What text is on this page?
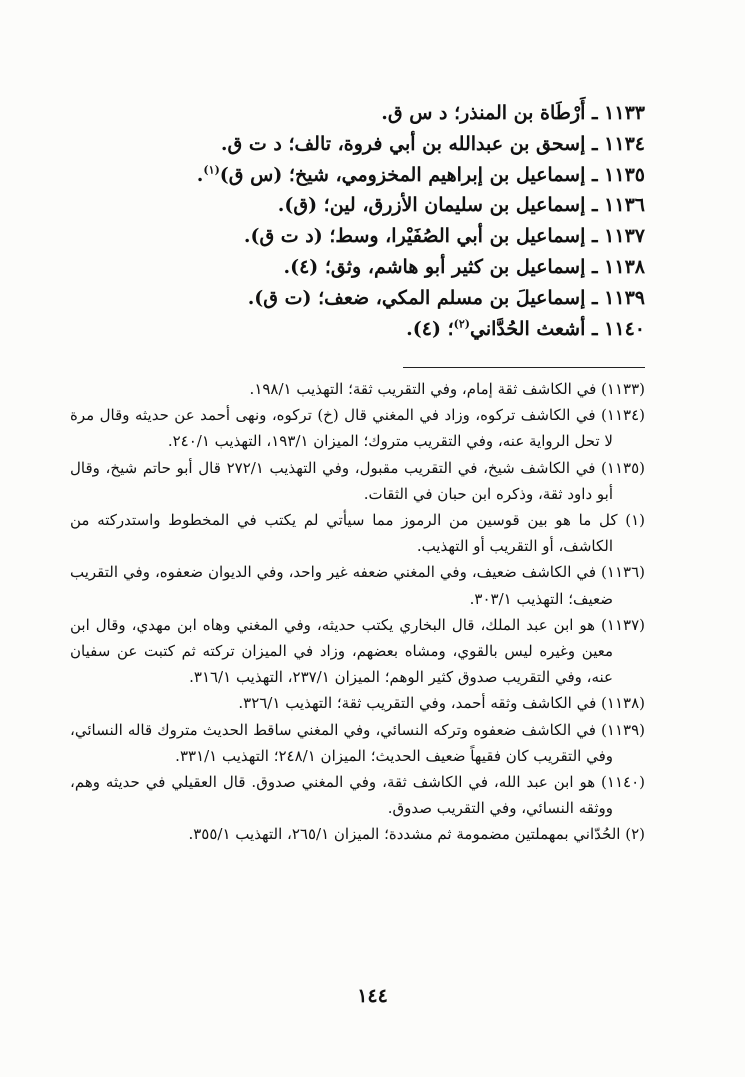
١١٣٣ ـ أَرْطَاة بن المنذر؛ د س ق.
١١٣٤ ـ إسحق بن عبدالله بن أبي فروة، تالف؛ د ت ق.
١١٣٥ ـ إسماعيل بن إبراهيم المخزومي، شيخ؛ (س ق)$^{(١)}$.
١١٣٦ ـ إسماعيل بن سليمان الأزرق، لين؛ (ق).
١١٣٧ ـ إسماعيل بن أبي الصُفَيْرا، وسط؛ (د ت ق).
١١٣٨ ـ إسماعيل بن كثير أبو هاشم، وثق؛ (٤).
١١٣٩ ـ إسماعيلَ بن مسلم المكي، ضعف؛ (ت ق).
١١٤٠ ـ أشعث الحُدَّاني$^{(٢)}$؛ (٤).
(١١٣٣) في الكاشف ثقة إمام، وفي التقريب ثقة؛ التهذيب ١٩٨/١.
(١١٣٤) في الكاشف تركوه، وزاد في المغني قال (خ) تركوه، ونهى أحمد عن حديثه وقال مرة لا تحل الرواية عنه، وفي التقريب متروك؛ الميزان ١٩٣/١، التهذيب ٢٤٠/١.
(١١٣٥) في الكاشف شيخ، في التقريب مقبول، وفي التهذيب ٢٧٢/١ قال أبو حاتم شيخ، وقال أبو داود ثقة، وذكره ابن حبان في الثقات.
(١) كل ما هو بين قوسين من الرموز مما سيأتي لم يكتب في المخطوط واستدركته من الكاشف، أو التقريب أو التهذيب.
(١١٣٦) في الكاشف ضعيف، وفي المغني ضعفه غير واحد، وفي الديوان ضعفوه، وفي التقريب ضعيف؛ التهذيب ٣٠٣/١.
(١١٣٧) هو ابن عبد الملك، قال البخاري يكتب حديثه، وفي المغني وهاه ابن مهدي، وقال ابن معين وغيره ليس بالقوي، ومشاه بعضهم، وزاد في الميزان تركته ثم كتبت عن سفيان عنه، وفي التقريب صدوق كثير الوهم؛ الميزان ٢٣٧/١، التهذيب ٣١٦/١.
(١١٣٨) في الكاشف وثقه أحمد، وفي التقريب ثقة؛ التهذيب ٣٢٦/١.
(١١٣٩) في الكاشف ضعفوه وتركه النسائي، وفي المغني ساقط الحديث متروك قاله النسائي، وفي التقريب كان فقيهاً ضعيف الحديث؛ الميزان ٢٤٨/١؛ التهذيب ٣٣١/١.
(١١٤٠) هو ابن عبد الله، في الكاشف ثقة، وفي المغني صدوق. قال العقيلي في حديثه وهم، ووثقه النسائي، وفي التقريب صدوق.
(٢) الحُدّاني بمهملتين مضمومة ثم مشددة؛ الميزان ٢٦٥/١، التهذيب ٣٥٥/١.
١٤٤
